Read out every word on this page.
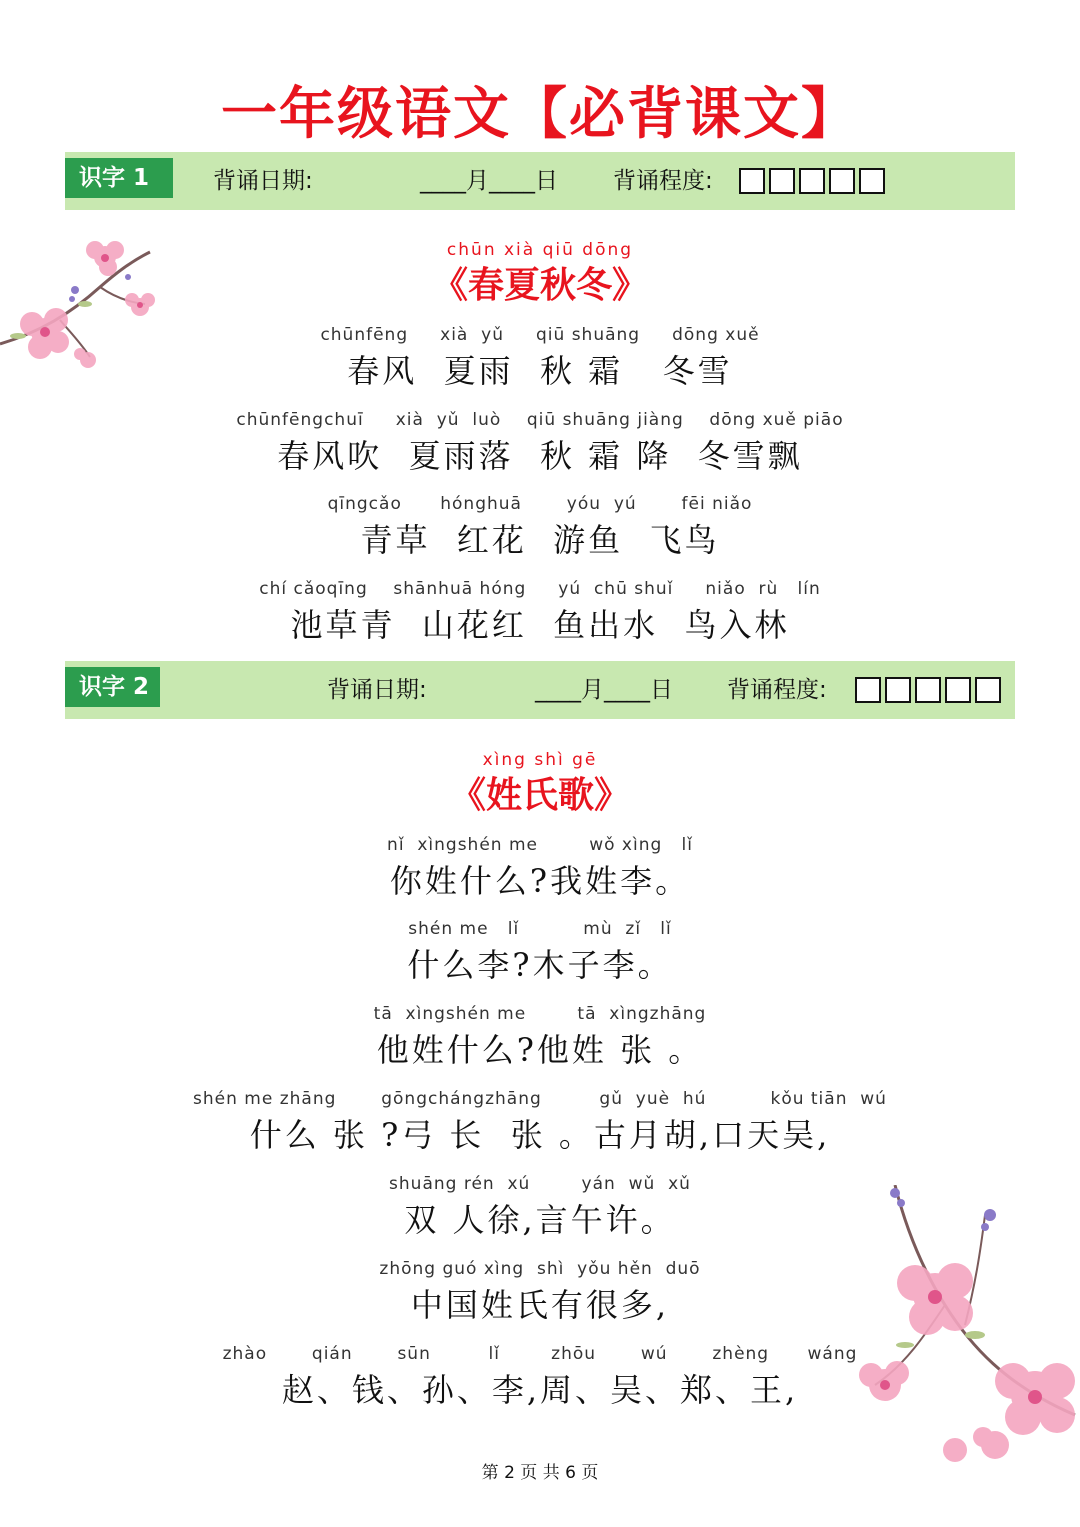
一年级语文【必背课文】
识字 1	背诵日期:	____月____日 背诵程度:
chūn xià qiū dōng
《春夏秋冬》
chūnfēng     xià  yǔ     qiū shuāng     dōng xuě
春风  夏雨  秋 霜   冬雪
chūnfēngchuī     xià  yǔ  luò    qiū shuāng jiàng    dōng xuě piāo
春风吹  夏雨落  秋 霜 降  冬雪飘
qīngcǎo      hónghuā       yóu  yú       fēi niǎo
青草  红花  游鱼  飞鸟
chí cǎoqīng    shānhuā hóng     yú  chū shuǐ     niǎo  rù   lín
池草青  山花红  鱼出水  鸟入林
识字 2	背诵日期:	____月____日 背诵程度:
xìng shì gē
《姓氏歌》
nǐ  xìngshén me        wǒ xìng   lǐ
你姓什么?我姓李。
shén me   lǐ          mù  zǐ   lǐ
什么李?木子李。
tā  xìngshén me        tā  xìngzhāng
他姓什么?他姓 张 。
shén me zhāng       gōngchángzhāng         gǔ  yuè  hú          kǒu tiān  wú
什么 张 ?弓 长  张 。古月胡,口天吴,
shuāng rén  xú        yán  wǔ  xǔ
双 人徐,言午许。
zhōng guó xìng  shì  yǒu hěn  duō
中国姓氏有很多,
zhào       qián       sūn         lǐ        zhōu       wú       zhèng      wáng
赵、钱、孙、李,周、吴、郑、王,
第 2 页 共 6 页
